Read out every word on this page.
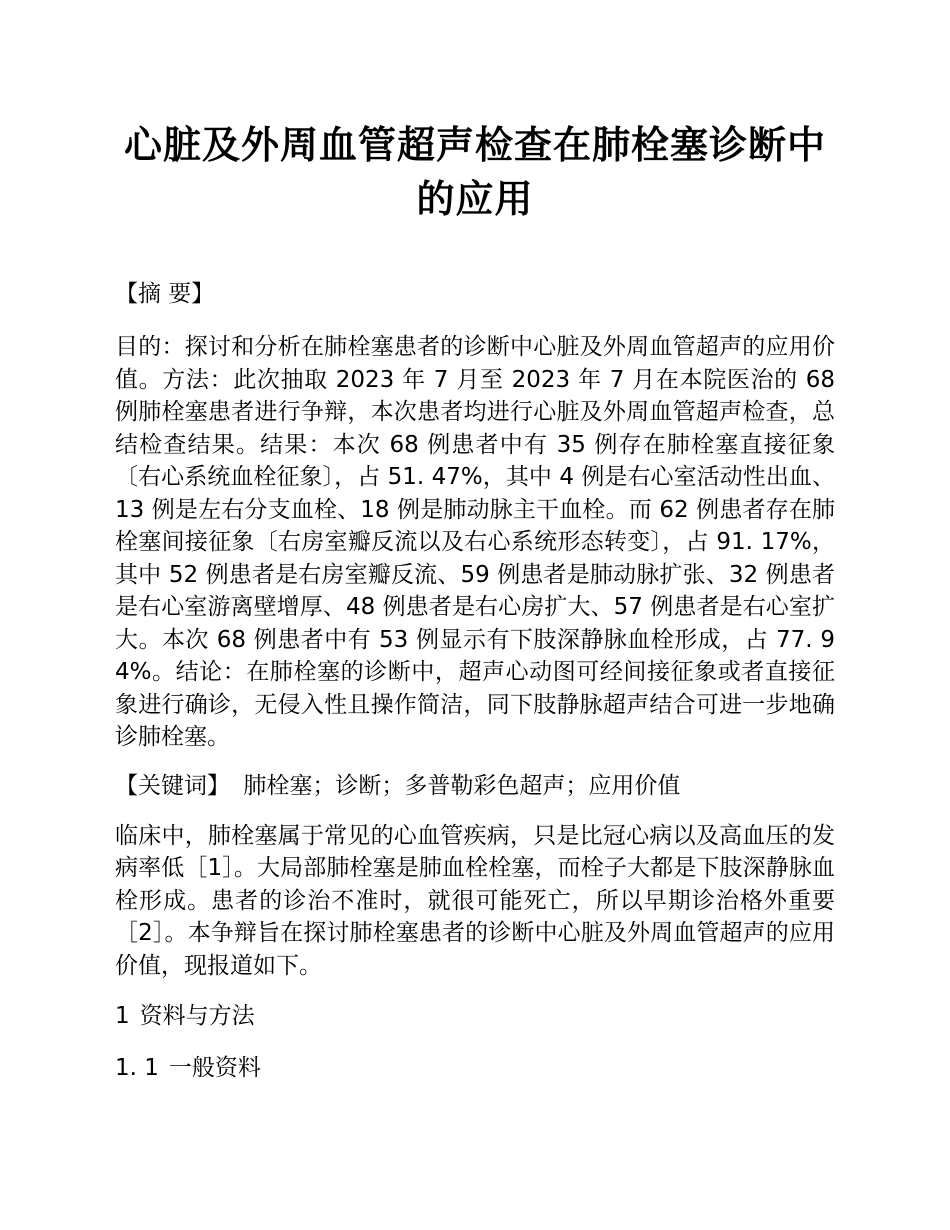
心脏及外周血管超声检查在肺栓塞诊断中的应用
【摘 要】

目的：探讨和分析在肺栓塞患者的诊断中心脏及外周血管超声的应用价值。方法：此次抽取 2023 年 7 月至 2023 年 7 月在本院医治的 68 例肺栓塞患者进行争辩，本次患者均进行心脏及外周血管超声检查，总结检查结果。结果：本次 68 例患者中有 35 例存在肺栓塞直接征象〔右心系统血栓征象〕，占 51. 47%，其中 4 例是右心室活动性出血、13 例是左右分支血栓、18 例是肺动脉主干血栓。而 62 例患者存在肺栓塞间接征象〔右房室瓣反流以及右心系统形态转变〕，占 91. 17%，其中 52 例患者是右房室瓣反流、59 例患者是肺动脉扩张、32 例患者是右心室游离壁增厚、48 例患者是右心房扩大、57 例患者是右心室扩大。本次 68 例患者中有 53 例显示有下肢深静脉血栓形成，占 77. 94%。结论：在肺栓塞的诊断中，超声心动图可经间接征象或者直接征象进行确诊，无侵入性且操作简洁，同下肢静脉超声结合可进一步地确诊肺栓塞。

【关键词】 肺栓塞；诊断；多普勒彩色超声；应用价值

临床中，肺栓塞属于常见的心血管疾病，只是比冠心病以及高血压的发病率低［1］。大局部肺栓塞是肺血栓栓塞，而栓子大都是下肢深静脉血栓形成。患者的诊治不准时，就很可能死亡，所以早期诊治格外重要［2］。本争辩旨在探讨肺栓塞患者的诊断中心脏及外周血管超声的应用价值，现报道如下。

1 资料与方法
1. 1 一般资料
